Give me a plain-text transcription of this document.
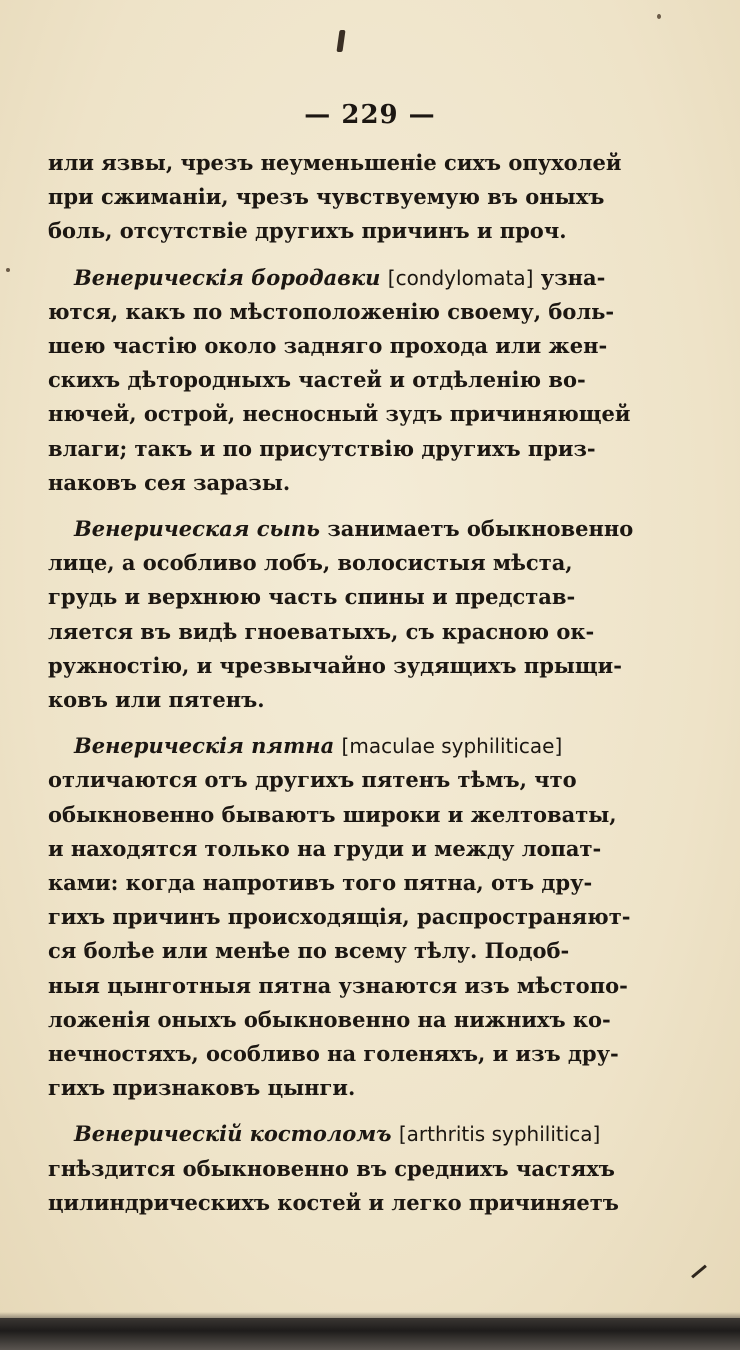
— 229 —

или язвы, чрезъ неуменьшенiе сихъ опухолей

при сжиманiи, чрезъ чувствуемую въ оныхъ

боль, отсутствiе другихъ причинъ и проч.

Венерическiя бородавки [condylomata] узна-

ются, какъ по мѣстоположенiю своему, боль-

шею частiю около задняго прохода или жен-

скихъ дѣтородныхъ частей и отдѣленiю во-

нючей, острой, несносный зудъ причиняющей

влаги; такъ и по присутствiю другихъ приз-

наковъ сея заразы.

Венерическая сыпь занимаетъ обыкновенно

лице, а особливо лобъ, волосистыя мѣста,

грудь и верхнюю часть спины и представ-

ляется въ видѣ гноеватыхъ, съ красною ок-

ружностiю, и чрезвычайно зудящихъ прыщи-

ковъ или пятенъ.

Венерическiя пятна [maculae syphiliticae]

отличаются отъ другихъ пятенъ тѣмъ, что

обыкновенно бываютъ широки и желтоваты,

и находятся только на груди и между лопат-

ками: когда напротивъ того пятна, отъ дру-

гихъ причинъ происходящiя, распространяют-

ся болѣе или менѣе по всему тѣлу. Подоб-

ныя цынготныя пятна узнаются изъ мѣстопо-

ложенiя оныхъ обыкновенно на нижнихъ ко-

нечностяхъ, особливо на голеняхъ, и изъ дру-

гихъ признаковъ цынги.

Венерическiй костоломъ [arthritis syphilitica]

гнѣздится обыкновенно въ среднихъ частяхъ

цилиндрическихъ костей и легко причиняетъ
